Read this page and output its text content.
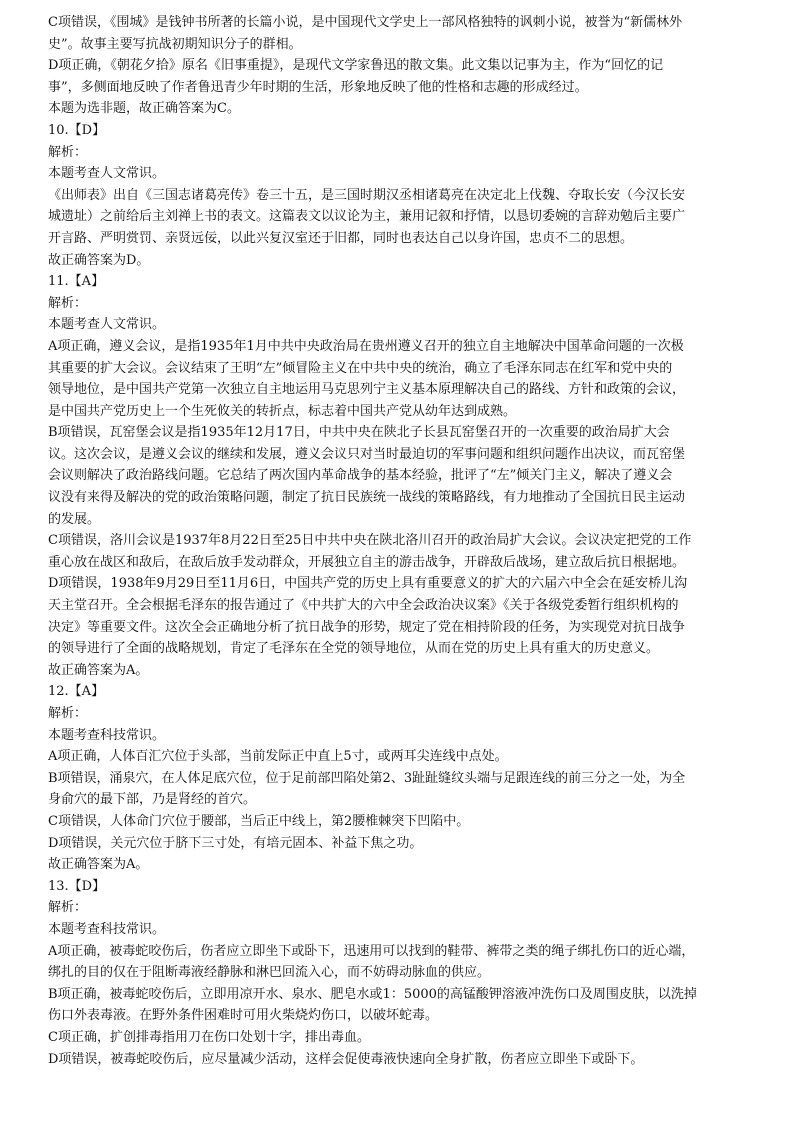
C项错误，《围城》是钱钟书所著的长篇小说，是中国现代文学史上一部风格独特的讽刺小说，被誉为“新儒林外
史”。故事主要写抗战初期知识分子的群相。
D项正确，《朝花夕拾》原名《旧事重提》，是现代文学家鲁迅的散文集。此文集以记事为主，作为“回忆的记
事”，多侧面地反映了作者鲁迅青少年时期的生活，形象地反映了他的性格和志趣的形成经过。
本题为选非题，故正确答案为C。
10.【D】
解析：
本题考查人文常识。
《出师表》出自《三国志诸葛亮传》卷三十五，是三国时期汉丞相诸葛亮在决定北上伐魏、夺取长安（今汉长安
城遗址）之前给后主刘禅上书的表文。这篇表文以议论为主，兼用记叙和抒情，以恳切委婉的言辞劝勉后主要广
开言路、严明赏罚、亲贤远佞，以此兴复汉室还于旧都，同时也表达自己以身许国，忠贞不二的思想。
故正确答案为D。
11.【A】
解析：
本题考查人文常识。
A项正确，遵义会议，是指1935年1月中共中央政治局在贵州遵义召开的独立自主地解决中国革命问题的一次极
其重要的扩大会议。会议结束了王明“左”倾冒险主义在中共中央的统治，确立了毛泽东同志在红军和党中央的
领导地位，是中国共产党第一次独立自主地运用马克思列宁主义基本原理解决自己的路线、方针和政策的会议，
是中国共产党历史上一个生死攸关的转折点，标志着中国共产党从幼年达到成熟。
B项错误，瓦窑堡会议是指1935年12月17日，中共中央在陕北子长县瓦窑堡召开的一次重要的政治局扩大会
议。这次会议，是遵义会议的继续和发展，遵义会议只对当时最迫切的军事问题和组织问题作出决议，而瓦窑堡
会议则解决了政治路线问题。它总结了两次国内革命战争的基本经验，批评了“左”倾关门主义，解决了遵义会
议没有来得及解决的党的政治策略问题，制定了抗日民族统一战线的策略路线，有力地推动了全国抗日民主运动
的发展。
C项错误，洛川会议是1937年8月22日至25日中共中央在陕北洛川召开的政治局扩大会议。会议决定把党的工作
重心放在战区和敌后，在敌后放手发动群众，开展独立自主的游击战争，开辟敌后战场，建立敌后抗日根据地。
D项错误，1938年9月29日至11月6日，中国共产党的历史上具有重要意义的扩大的六届六中全会在延安桥儿沟
天主堂召开。全会根据毛泽东的报告通过了《中共扩大的六中全会政治决议案》《关于各级党委暂行组织机构的
决定》等重要文件。这次全会正确地分析了抗日战争的形势，规定了党在相持阶段的任务，为实现党对抗日战争
的领导进行了全面的战略规划，肯定了毛泽东在全党的领导地位，从而在党的历史上具有重大的历史意义。
故正确答案为A。
12.【A】
解析：
本题考查科技常识。
A项正确，人体百汇穴位于头部，当前发际正中直上5寸，或两耳尖连线中点处。
B项错误，涌泉穴，在人体足底穴位，位于足前部凹陷处第2、3趾趾缝纹头端与足跟连线的前三分之一处，为全
身俞穴的最下部，乃是肾经的首穴。
C项错误，人体命门穴位于腰部，当后正中线上，第2腰椎棘突下凹陷中。
D项错误，关元穴位于脐下三寸处，有培元固本、补益下焦之功。
故正确答案为A。
13.【D】
解析：
本题考查科技常识。
A项正确，被毒蛇咬伤后，伤者应立即坐下或卧下，迅速用可以找到的鞋带、裤带之类的绳子绑扎伤口的近心端，
绑扎的目的仅在于阻断毒液经静脉和淋巴回流入心，而不妨碍动脉血的供应。
B项正确，被毒蛇咬伤后，立即用凉开水、泉水、肥皂水或1：5000的高锰酸钾溶液冲洗伤口及周围皮肤，以洗掉
伤口外表毒液。在野外条件困难时可用火柴烧灼伤口，以破坏蛇毒。
C项正确，扩创排毒指用刀在伤口处划十字，排出毒血。
D项错误，被毒蛇咬伤后，应尽量减少活动，这样会促使毒液快速向全身扩散，伤者应立即坐下或卧下。
